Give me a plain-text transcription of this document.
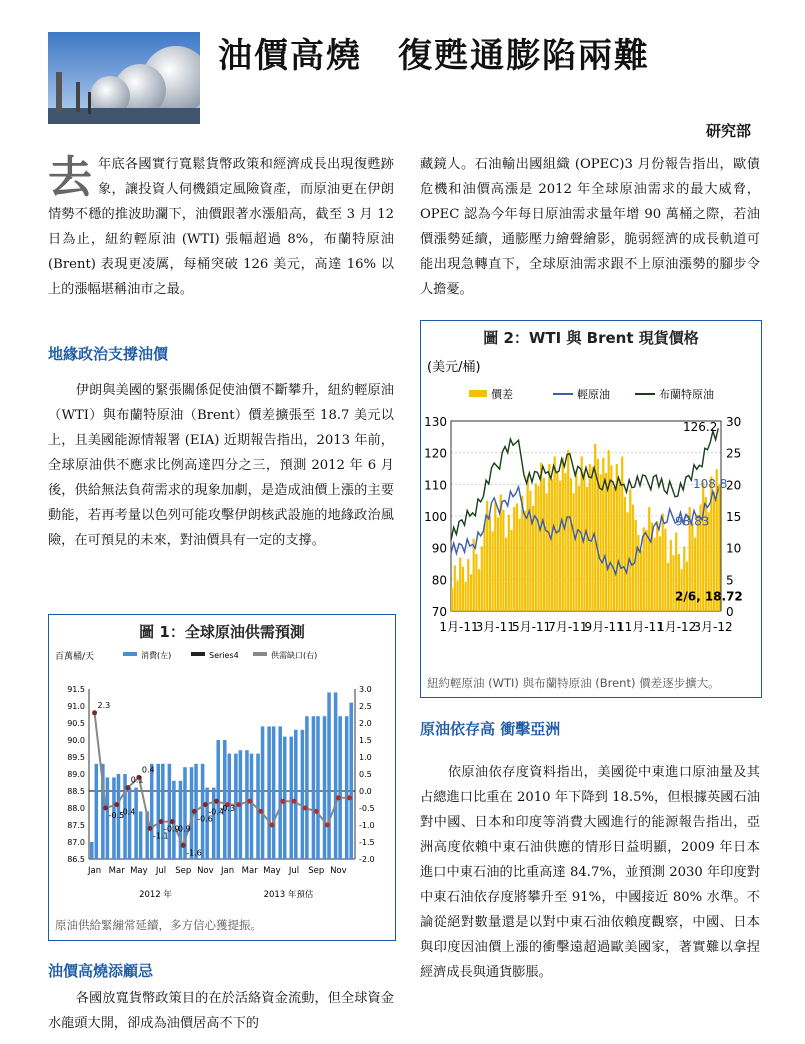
油價高燒　復甦通膨陷兩難
研究部
去 年底各國實行寬鬆貨幣政策和經濟成長出現復甦跡象，讓投資人伺機鎖定風險資產，而原油更在伊朗情勢不穩的推波助瀾下，油價跟著水漲船高，截至 3 月 12 日為止，紐約輕原油 (WTI) 張幅超過 8%，布蘭特原油 (Brent) 表現更凌厲，每桶突破 126 美元，高達 16% 以上的漲幅堪稱油市之最。
地緣政治支撐油價
伊朗與美國的緊張關係促使油價不斷攀升，紐約輕原油（WTI）與布蘭特原油（Brent）價差擴張至 18.7 美元以上，且美國能源情報署 (EIA) 近期報告指出，2013 年前，全球原油供不應求比例高達四分之三，預測 2012 年 6 月後，供給無法負荷需求的現象加劇，是造成油價上漲的主要動能，若再考量以色列可能攻擊伊朗核武設施的地緣政治風險，在可預見的未來，對油價具有一定的支撐。
圖 1：全球原油供需預測
百萬桶/天	消費(左)	Series4	供需缺口(右)
91.5
91.0
90.5
90.0
89.5
89.0
88.5
88.0
87.5
87.0
86.5
3.0
2.5
2.0
1.5
1.0
0.5
0.0
-0.5
-1.0
-1.5
-2.0
2.3
-0.5
-0.4
0.1
0.4
-1.1
-0.9
-0.9
-1.6
-0.6
-0.4
-0.3
Jan Mar May Jul Sep Nov Jan Mar May Jul Sep Nov
2012 年	2013 年預估
原油供給緊繃常延續，多方信心獲提振。
油價高燒添顧忌
各國放寬貨幣政策目的在於活絡資金流動，但全球資金水龍頭大開，卻成為油價居高不下的
藏鏡人。石油輸出國組織 (OPEC)3 月份報告指出，歐債危機和油價高漲是 2012 年全球原油需求的最大威脅，OPEC 認為今年每日原油需求量年增 90 萬桶之際，若油價漲勢延續，通膨壓力繪聲繪影，脆弱經濟的成長軌道可能出現急轉直下，全球原油需求跟不上原油漲勢的腳步令人擔憂。
圖 2：WTI 與 Brent 現貨價格
(美元/桶)
價差	輕原油	布蘭特原油
130
120
110
100
90
80
70
30
25
20
15
10
5
0
126.2
108.8
98.83
2/6, 18.72
1月-11
3月-11
5月-11
7月-11
9月-11
11月-11
1月-12
3月-12
紐約輕原油 (WTI) 與布蘭特原油 (Brent) 價差逐步擴大。
原油依存高 衝擊亞洲
依原油依存度資料指出，美國從中東進口原油量及其占總進口比重在 2010 年下降到 18.5%，但根據英國石油對中國、日本和印度等消費大國進行的能源報告指出，亞洲高度依賴中東石油供應的情形日益明顯，2009 年日本進口中東石油的比重高達 84.7%，並預測 2030 年印度對中東石油依存度將攀升至 91%，中國接近 80% 水準。不論從絕對數量還是以對中東石油依賴度觀察，中國、日本與印度因油價上漲的衝擊遠超過歐美國家，著實難以拿捏經濟成長與通貨膨脹。
